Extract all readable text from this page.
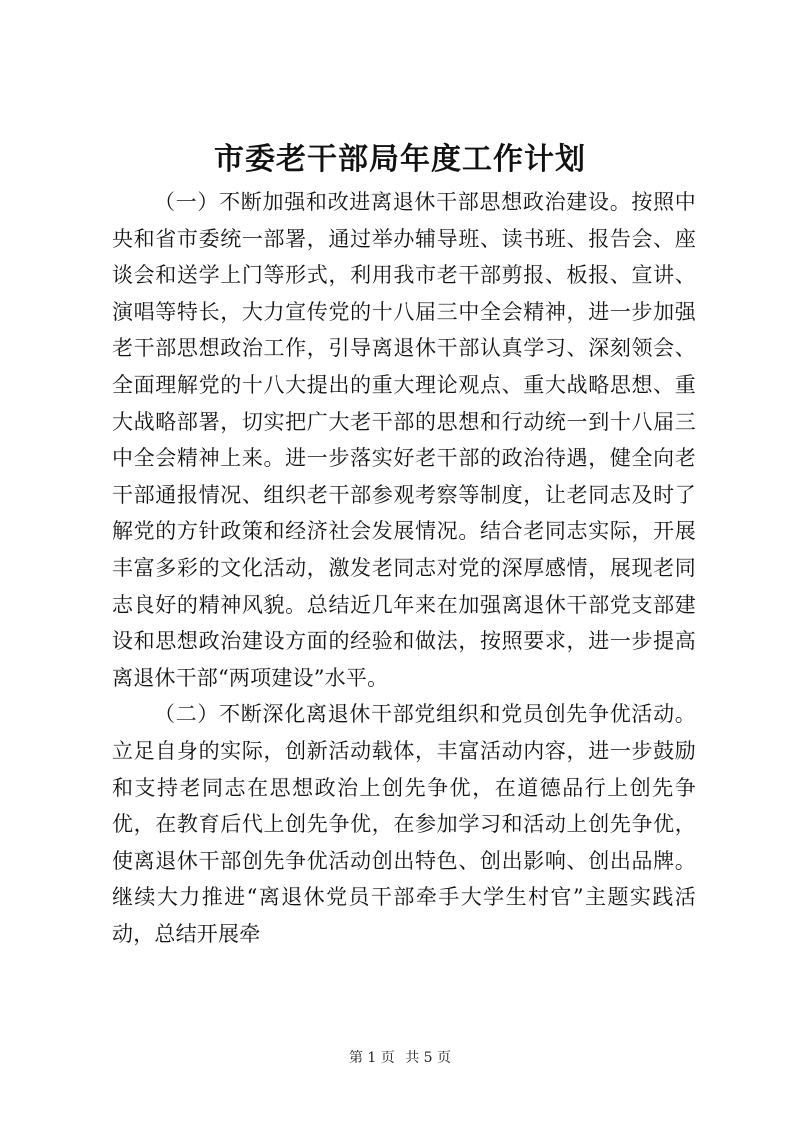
市委老干部局年度工作计划

（一）不断加强和改进离退休干部思想政治建设。按照中央和省市委统一部署，通过举办辅导班、读书班、报告会、座谈会和送学上门等形式，利用我市老干部剪报、板报、宣讲、演唱等特长，大力宣传党的十八届三中全会精神，进一步加强老干部思想政治工作，引导离退休干部认真学习、深刻领会、全面理解党的十八大提出的重大理论观点、重大战略思想、重大战略部署，切实把广大老干部的思想和行动统一到十八届三中全会精神上来。进一步落实好老干部的政治待遇，健全向老干部通报情况、组织老干部参观考察等制度，让老同志及时了解党的方针政策和经济社会发展情况。结合老同志实际，开展丰富多彩的文化活动，激发老同志对党的深厚感情，展现老同志良好的精神风貌。总结近几年来在加强离退休干部党支部建设和思想政治建设方面的经验和做法，按照要求，进一步提高离退休干部“两项建设”水平。

（二）不断深化离退休干部党组织和党员创先争优活动。立足自身的实际，创新活动载体，丰富活动内容，进一步鼓励和支持老同志在思想政治上创先争优，在道德品行上创先争优，在教育后代上创先争优，在参加学习和活动上创先争优，使离退休干部创先争优活动创出特色、创出影响、创出品牌。继续大力推进“离退休党员干部牵手大学生村官”主题实践活动，总结开展牵

第 1 页 共 5 页
